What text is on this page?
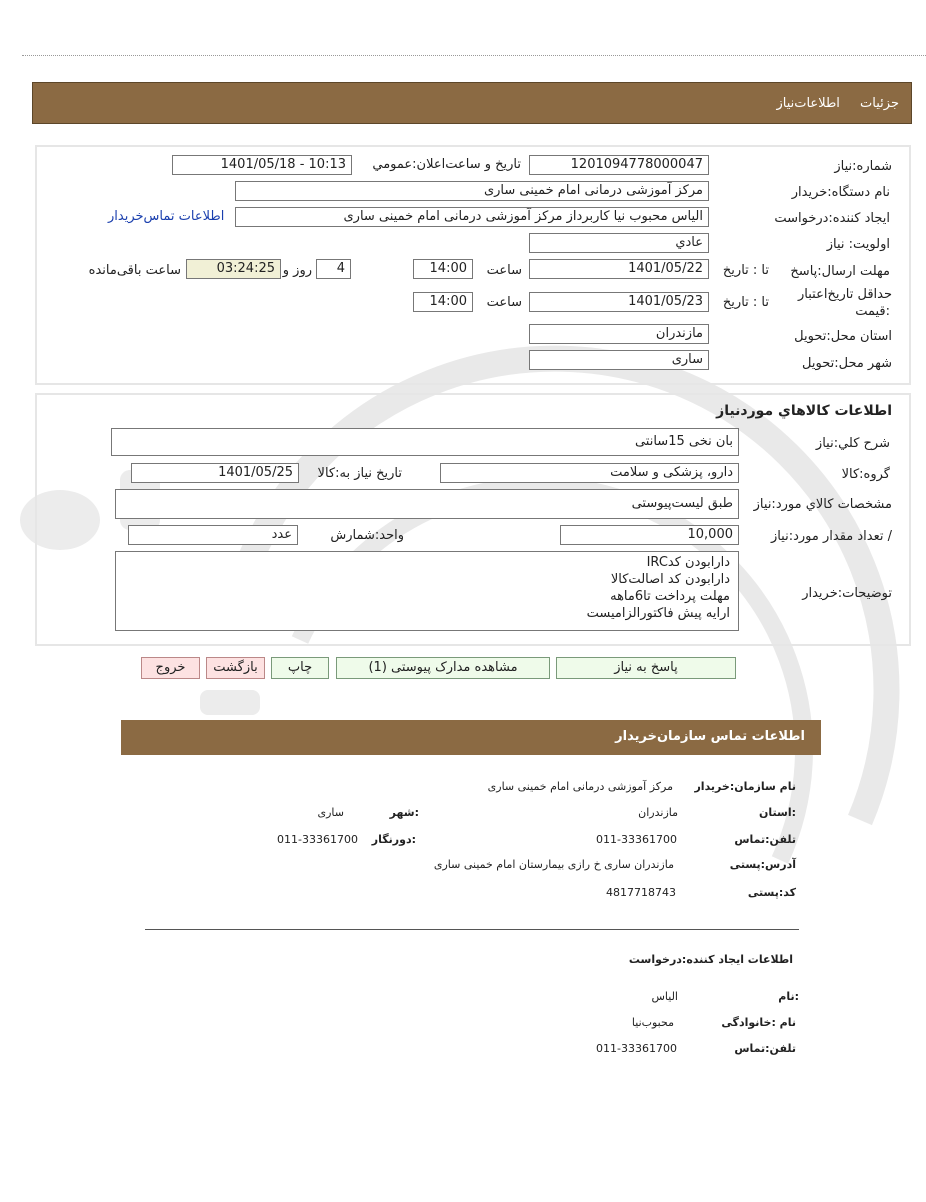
جزئیات اطلاعات‌نیاز
شماره:نیاز
1201094778000047
تاریخ و ساعت‌اعلان:عمومي
1401/05/18 - 10:13
نام دستگاه:خریدار
مرکز آموزشی درمانی امام خمینی ساری
ایجاد کننده:درخواست
الیاس محبوب نیا کاربرداز مرکز آموزشی درمانی امام خمینی ساری
اطلاعات تماس‌خریدار
اولویت: نیاز
عادي
مهلت ارسال:پاسخ
تا : تاریخ
1401/05/22
ساعت
14:00
4
روز و
03:24:25
ساعت باقی‌مانده
حداقل تاریخ‌اعتبار
:قیمت
تا : تاریخ
1401/05/23
ساعت
14:00
استان محل:تحویل
مازندران
شهر محل:تحویل
ساری
اطلاعات كالاهاي موردنياز
شرح کلي:نياز
بان نخی 15سانتی
گروه:کالا
دارو، پزشکی و سلامت
تاریخ نیاز به:کالا
1401/05/25
مشخصات كالاي مورد:نياز
طبق لیست‌پیوستی
/ تعداد مقدار مورد:نیاز
10,000
واحد:شمارش
عدد
توضیحات:خریدار
دارابودن کدIRC
دارابودن کد اصالت‌کالا
مهلت پرداخت تا6ماهه
ارایه پیش فاکتورالزامیست
پاسخ به نیاز
مشاهده مدارک پیوستی (1)
چاپ
بازگشت
خروج
اطلاعات تماس سازمان‌خریدار
نام سازمان:خریدار
مرکز آموزشی درمانی امام خمینی ساری
:استان
مازندران
:شهر
ساری
تلفن:تماس
011-33361700
:دورنگار
011-33361700
آدرس:پستی
مازندران ساری خ رازی بیمارستان امام خمینی ساری
کد:پستی
4817718743
اطلاعات ایجاد کننده:درخواست
:نام
الیاس
نام :خانوادگی
محبوب‌نیا
تلفن:تماس
011-33361700
